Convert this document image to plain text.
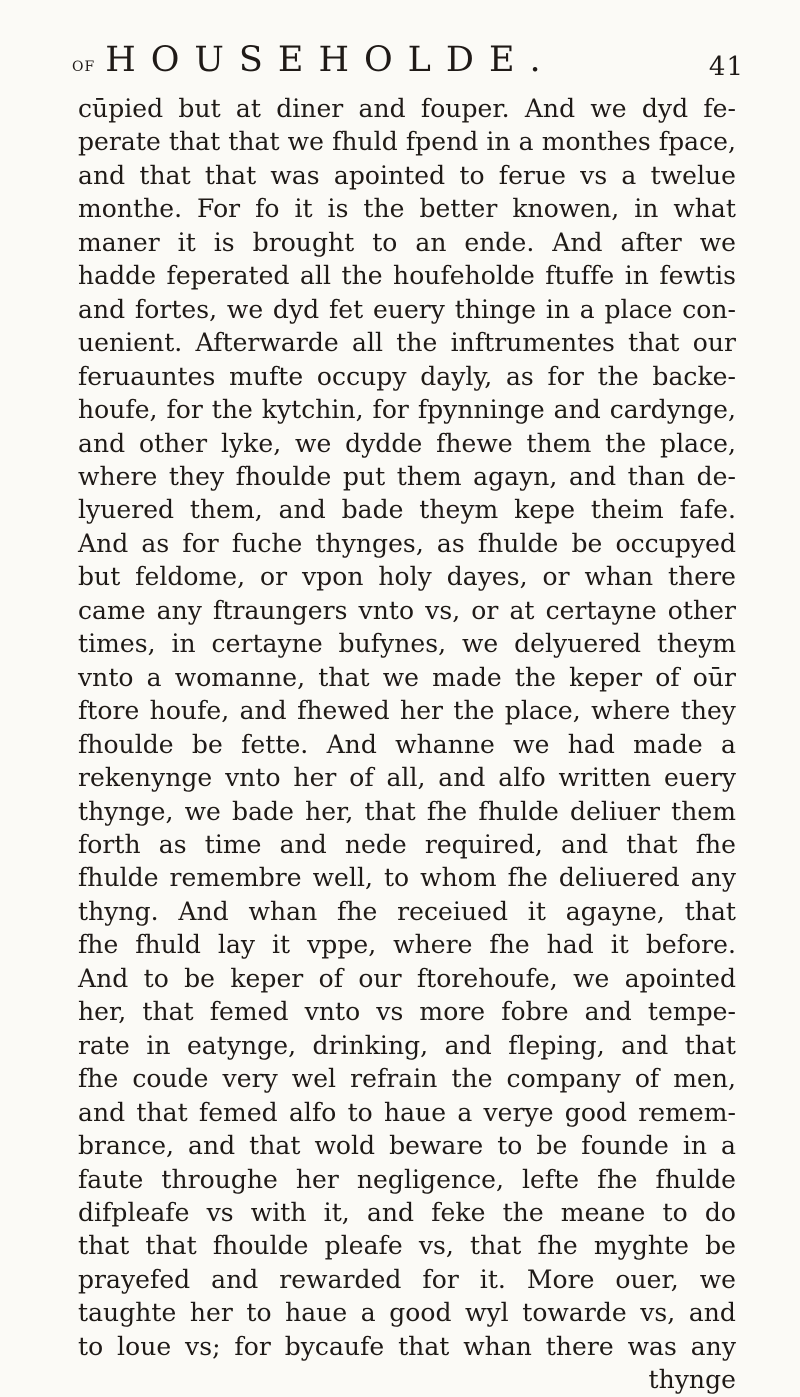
of HOUSEHOLDE.	41
cūpied but at diner and fouper. And we dyd fe-
perate that that we fhuld fpend in a monthes fpace,
and that that was apointed to ferue vs a twelue
monthe. For fo it is the better knowen, in what
maner it is brought to an ende. And after we
hadde feperated all the houfeholde ftuffe in fewtis
and fortes, we dyd fet euery thinge in a place con-
uenient. Afterwarde all the inftrumentes that our
feruauntes mufte occupy dayly, as for the backe-
houfe, for the kytchin, for fpynninge and cardynge,
and other lyke, we dydde fhewe them the place,
where they fhoulde put them agayn, and than de-
lyuered them, and bade theym kepe theim fafe.
And as for fuche thynges, as fhulde be occupyed
but feldome, or vpon holy dayes, or whan there
came any ftraungers vnto vs, or at certayne other
times, in certayne bufynes, we delyuered theym
vnto a womanne, that we made the keper of oūr
ftore houfe, and fhewed her the place, where they
fhoulde be fette. And whanne we had made a
rekenynge vnto her of all, and alfo written euery
thynge, we bade her, that fhe fhulde deliuer them
forth as time and nede required, and that fhe
fhulde remembre well, to whom fhe deliuered any
thyng. And whan fhe receiued it agayne, that
fhe fhuld lay it vppe, where fhe had it before.
And to be keper of our ftorehoufe, we apointed
her, that femed vnto vs more fobre and tempe-
rate in eatynge, drinking, and fleping, and that
fhe coude very wel refrain the company of men,
and that femed alfo to haue a verye good remem-
brance, and that wold beware to be founde in a
faute throughe her negligence, lefte fhe fhulde
difpleafe vs with it, and feke the meane to do
that that fhoulde pleafe vs, that fhe myghte be
prayefed and rewarded for it. More ouer, we
taughte her to haue a good wyl towarde vs, and
to loue vs; for bycaufe that whan there was any
thynge
